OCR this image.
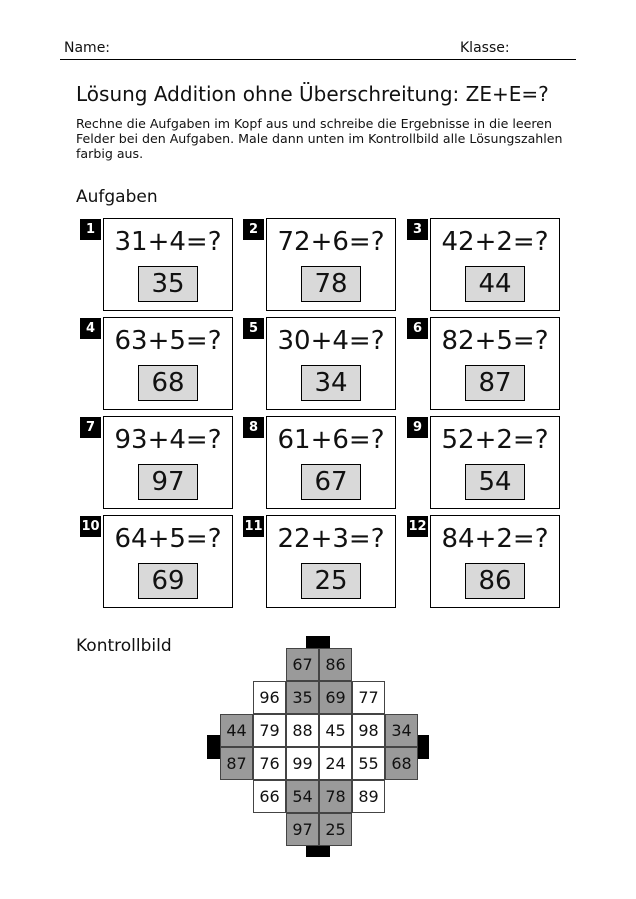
Name:	Klasse:
Lösung Addition ohne Überschreitung: ZE+E=?
Rechne die Aufgaben im Kopf aus und schreibe die Ergebnisse in die leeren Felder bei den Aufgaben. Male dann unten im Kontrollbild alle Lösungszahlen farbig aus.
Aufgaben
1 31+4=?
35
2 72+6=?
78
3 42+2=?
44
4 63+5=?
68
5 30+4=?
34
6 82+5=?
87
7 93+4=?
97
8 61+6=?
67
9 52+2=?
54
10 64+5=?
69
11 22+3=?
25
12 84+2=?
86
Kontrollbild
67 86
96 35 69 77
44 79 88 45 98 34
87 76 99 24 55 68
66 54 78 89
97 25
